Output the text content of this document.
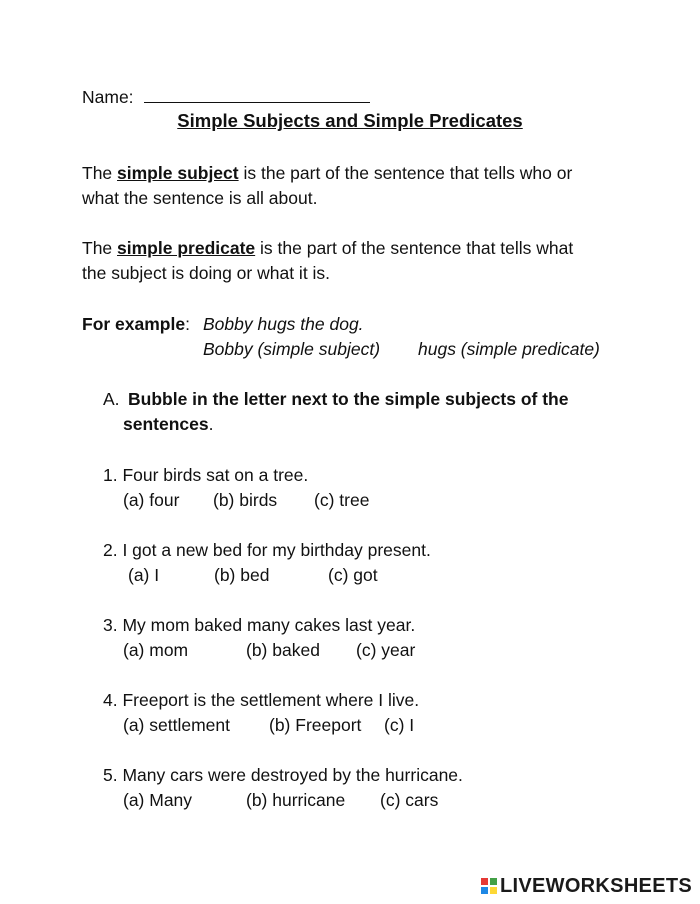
Name:
Simple Subjects and Simple Predicates
The simple subject is the part of the sentence that tells who or
what the sentence is all about.
The simple predicate is the part of the sentence that tells what
the subject is doing or what it is.
For example: Bobby hugs the dog.
Bobby (simple subject) hugs (simple predicate)
A. Bubble in the letter next to the simple subjects of the
sentences.
1. Four birds sat on a tree.
(a) four (b) birds (c) tree
2. I got a new bed for my birthday present.
(a) I	(b) bed	(c) got
3. My mom baked many cakes last year.
(a) mom	(b) baked (c) year
4. Freeport is the settlement where I live.
(a) settlement (b) Freeport (c) I
5. Many cars were destroyed by the hurricane.
(a) Many	(b) hurricane (c) cars
LIVEWORKSHEETS
